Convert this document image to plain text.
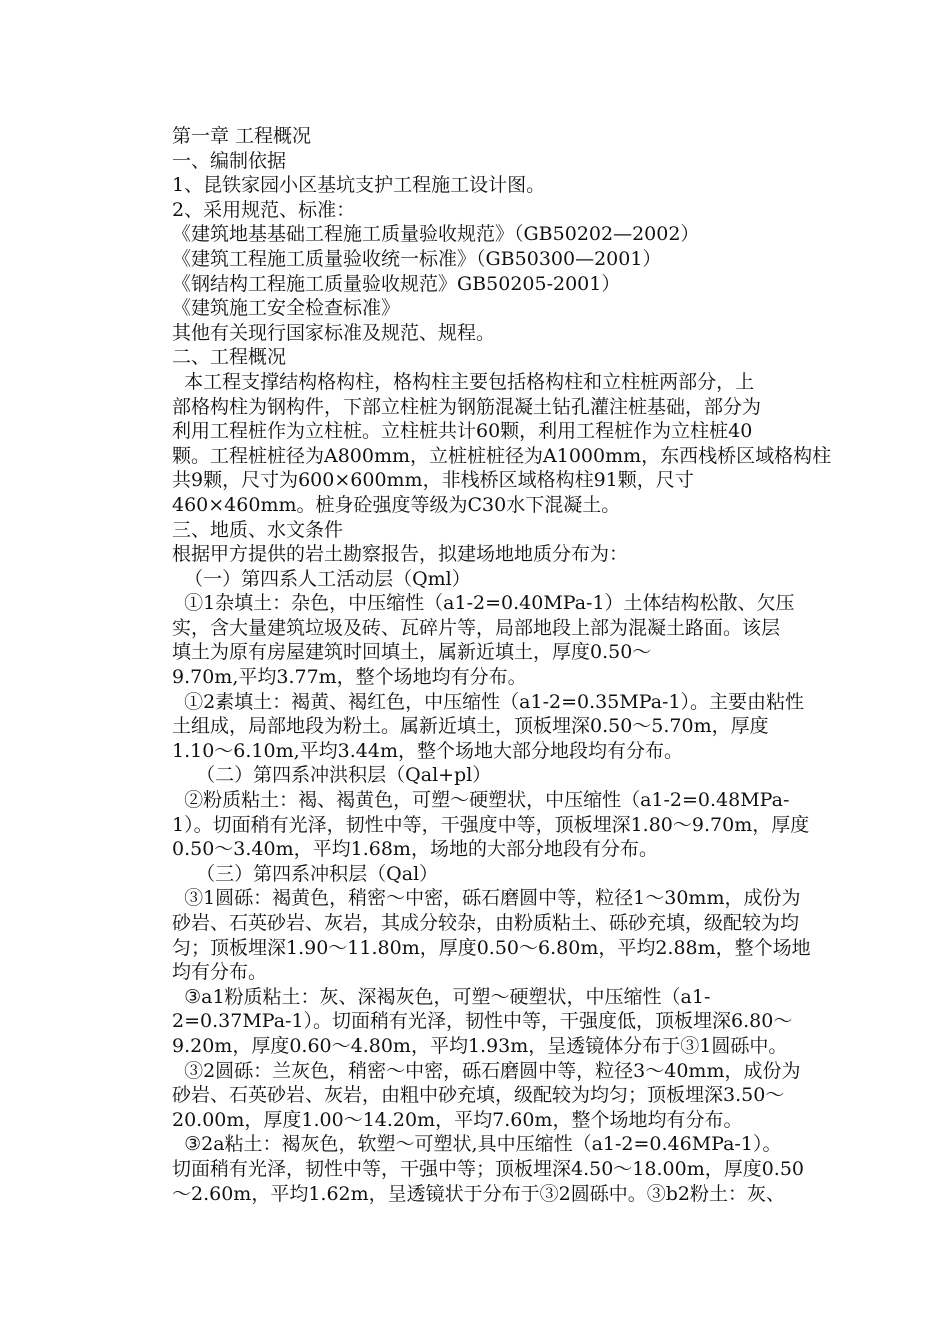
第一章 工程概况
一、编制依据
1、昆铁家园小区基坑支护工程施工设计图。
2、采用规范、标准：
《建筑地基基础工程施工质量验收规范》（GB50202—2002）
《建筑工程施工质量验收统一标准》（GB50300—2001）
《钢结构工程施工质量验收规范》GB50205-2001）
《建筑施工安全检查标准》
其他有关现行国家标准及规范、规程。
二、工程概况
本工程支撑结构格构柱，格构柱主要包括格构柱和立柱桩两部分，上
部格构柱为钢构件，下部立柱桩为钢筋混凝土钻孔灌注桩基础，部分为
利用工程桩作为立柱桩。立柱桩共计60颗，利用工程桩作为立柱桩40
颗。工程桩桩径为A800mm，立桩桩桩径为A1000mm，东西栈桥区域格构柱
共9颗，尺寸为600×600mm，非栈桥区域格构柱91颗，尺寸
460×460mm。桩身砼强度等级为C30水下混凝土。
三、地质、水文条件
根据甲方提供的岩土勘察报告，拟建场地地质分布为：
（一）第四系人工活动层（Qml）
①1杂填土：杂色，中压缩性（a1-2=0.40MPa-1）土体结构松散、欠压
实，含大量建筑垃圾及砖、瓦碎片等，局部地段上部为混凝土路面。该层
填土为原有房屋建筑时回填土，属新近填土，厚度0.50～
9.70m,平均3.77m，整个场地均有分布。
①2素填土：褐黄、褐红色，中压缩性（a1-2=0.35MPa-1）。主要由粘性
土组成，局部地段为粉土。属新近填土，顶板埋深0.50～5.70m，厚度
1.10～6.10m,平均3.44m，整个场地大部分地段均有分布。
（二）第四系冲洪积层（Qal+pl）
②粉质粘土：褐、褐黄色，可塑～硬塑状，中压缩性（a1-2=0.48MPa-
1）。切面稍有光泽，韧性中等，干强度中等，顶板埋深1.80～9.70m，厚度
0.50～3.40m，平均1.68m，场地的大部分地段有分布。
（三）第四系冲积层（Qal）
③1圆砾：褐黄色，稍密～中密，砾石磨圆中等，粒径1～30mm，成份为
砂岩、石英砂岩、灰岩，其成分较杂，由粉质粘土、砾砂充填，级配较为均
匀；顶板埋深1.90～11.80m，厚度0.50～6.80m，平均2.88m，整个场地
均有分布。
③a1粉质粘土：灰、深褐灰色，可塑～硬塑状，中压缩性（a1-
2=0.37MPa-1）。切面稍有光泽，韧性中等，干强度低，顶板埋深6.80～
9.20m，厚度0.60～4.80m，平均1.93m，呈透镜体分布于③1圆砾中。
③2圆砾：兰灰色，稍密～中密，砾石磨圆中等，粒径3～40mm，成份为
砂岩、石英砂岩、灰岩，由粗中砂充填，级配较为均匀；顶板埋深3.50～
20.00m，厚度1.00～14.20m，平均7.60m，整个场地均有分布。
③2a粘土：褐灰色，软塑～可塑状,具中压缩性（a1-2=0.46MPa-1）。
切面稍有光泽，韧性中等，干强中等；顶板埋深4.50～18.00m，厚度0.50
～2.60m，平均1.62m，呈透镜状于分布于③2圆砾中。③b2粉土：灰、
